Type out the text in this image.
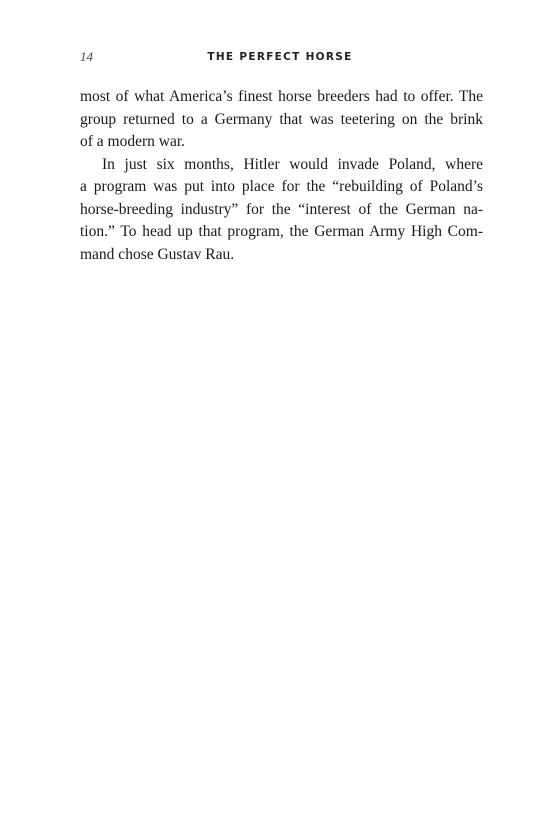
14	THE PERFECT HORSE

most of what America’s finest horse breeders had to offer. The
group returned to a Germany that was teetering on the brink
of a modern war.

In just six months, Hitler would invade Poland, where
a program was put into place for the “rebuilding of Poland’s
horse-breeding industry” for the “interest of the German na-
tion.” To head up that program, the German Army High Com-
mand chose Gustav Rau.
